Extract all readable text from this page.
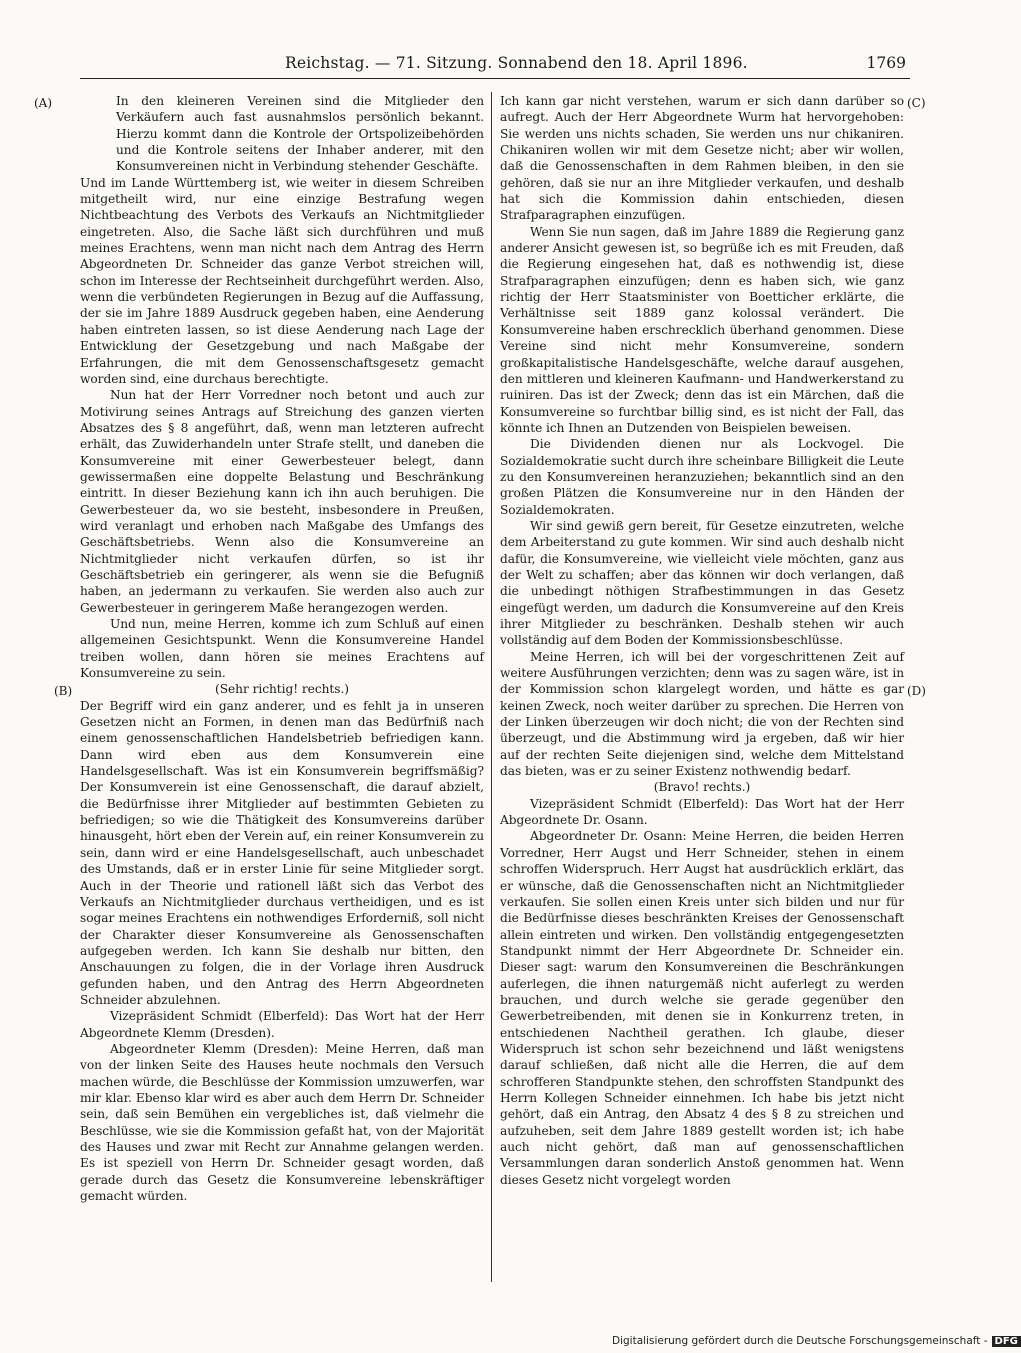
Reichstag. — 71. Sitzung. Sonnabend den 18. April 1896.	1769
(A)
(B)
(C)
(D)

In den kleineren Vereinen sind die Mitglieder den Verkäufern auch fast ausnahmslos persönlich bekannt. Hierzu kommt dann die Kontrole der Ortspolizeibehörden und die Kontrole seitens der Inhaber anderer, mit den Konsumvereinen nicht in Verbindung stehender Geschäfte.

Und im Lande Württemberg ist, wie weiter in diesem Schreiben mitgetheilt wird, nur eine einzige Bestrafung wegen Nichtbeachtung des Verbots des Verkaufs an Nichtmitglieder eingetreten. Also, die Sache läßt sich durchführen und muß meines Erachtens, wenn man nicht nach dem Antrag des Herrn Abgeordneten Dr. Schneider das ganze Verbot streichen will, schon im Interesse der Rechtseinheit durchgeführt werden. Also, wenn die verbündeten Regierungen in Bezug auf die Auffassung, der sie im Jahre 1889 Ausdruck gegeben haben, eine Aenderung haben eintreten lassen, so ist diese Aenderung nach Lage der Entwicklung der Gesetzgebung und nach Maßgabe der Erfahrungen, die mit dem Genossenschaftsgesetz gemacht worden sind, eine durchaus berechtigte.

Nun hat der Herr Vorredner noch betont und auch zur Motivirung seines Antrags auf Streichung des ganzen vierten Absatzes des § 8 angeführt, daß, wenn man letzteren aufrecht erhält, das Zuwiderhandeln unter Strafe stellt, und daneben die Konsumvereine mit einer Gewerbesteuer belegt, dann gewissermaßen eine doppelte Belastung und Beschränkung eintritt. In dieser Beziehung kann ich ihn auch beruhigen. Die Gewerbesteuer da, wo sie besteht, insbesondere in Preußen, wird veranlagt und erhoben nach Maßgabe des Umfangs des Geschäftsbetriebs. Wenn also die Konsumvereine an Nichtmitglieder nicht verkaufen dürfen, so ist ihr Geschäftsbetrieb ein geringerer, als wenn sie die Befugniß haben, an jedermann zu verkaufen. Sie werden also auch zur Gewerbesteuer in geringerem Maße herangezogen werden.

Und nun, meine Herren, komme ich zum Schluß auf einen allgemeinen Gesichtspunkt. Wenn die Konsumvereine Handel treiben wollen, dann hören sie meines Erachtens auf Konsumvereine zu sein.

(Sehr richtig! rechts.)

Der Begriff wird ein ganz anderer, und es fehlt ja in unseren Gesetzen nicht an Formen, in denen man das Bedürfniß nach einem genossenschaftlichen Handelsbetrieb befriedigen kann. Dann wird eben aus dem Konsumverein eine Handelsgesellschaft. Was ist ein Konsumverein begriffsmäßig? Der Konsumverein ist eine Genossenschaft, die darauf abzielt, die Bedürfnisse ihrer Mitglieder auf bestimmten Gebieten zu befriedigen; so wie die Thätigkeit des Konsumvereins darüber hinausgeht, hört eben der Verein auf, ein reiner Konsumverein zu sein, dann wird er eine Handelsgesellschaft, auch unbeschadet des Umstands, daß er in erster Linie für seine Mitglieder sorgt. Auch in der Theorie und rationell läßt sich das Verbot des Verkaufs an Nichtmitglieder durchaus vertheidigen, und es ist sogar meines Erachtens ein nothwendiges Erforderniß, soll nicht der Charakter dieser Konsumvereine als Genossenschaften aufgegeben werden. Ich kann Sie deshalb nur bitten, den Anschauungen zu folgen, die in der Vorlage ihren Ausdruck gefunden haben, und den Antrag des Herrn Abgeordneten Schneider abzulehnen.

Vizepräsident Schmidt (Elberfeld): Das Wort hat der Herr Abgeordnete Klemm (Dresden).

Abgeordneter Klemm (Dresden): Meine Herren, daß man von der linken Seite des Hauses heute nochmals den Versuch machen würde, die Beschlüsse der Kommission umzuwerfen, war mir klar. Ebenso klar wird es aber auch dem Herrn Dr. Schneider sein, daß sein Bemühen ein vergebliches ist, daß vielmehr die Beschlüsse, wie sie die Kommission gefaßt hat, von der Majorität des Hauses und zwar mit Recht zur Annahme gelangen werden. Es ist speziell von Herrn Dr. Schneider gesagt worden, daß gerade durch das Gesetz die Konsumvereine lebenskräftiger gemacht würden.

Ich kann gar nicht verstehen, warum er sich dann darüber so aufregt. Auch der Herr Abgeordnete Wurm hat hervorgehoben: Sie werden uns nichts schaden, Sie werden uns nur chikaniren. Chikaniren wollen wir mit dem Gesetze nicht; aber wir wollen, daß die Genossenschaften in dem Rahmen bleiben, in den sie gehören, daß sie nur an ihre Mitglieder verkaufen, und deshalb hat sich die Kommission dahin entschieden, diesen Strafparagraphen einzufügen.

Wenn Sie nun sagen, daß im Jahre 1889 die Regierung ganz anderer Ansicht gewesen ist, so begrüße ich es mit Freuden, daß die Regierung eingesehen hat, daß es nothwendig ist, diese Strafparagraphen einzufügen; denn es haben sich, wie ganz richtig der Herr Staatsminister von Boetticher erklärte, die Verhältnisse seit 1889 ganz kolossal verändert. Die Konsumvereine haben erschrecklich überhand genommen. Diese Vereine sind nicht mehr Konsumvereine, sondern großkapitalistische Handelsgeschäfte, welche darauf ausgehen, den mittleren und kleineren Kaufmann- und Handwerkerstand zu ruiniren. Das ist der Zweck; denn das ist ein Märchen, daß die Konsumvereine so furchtbar billig sind, es ist nicht der Fall, das könnte ich Ihnen an Dutzenden von Beispielen beweisen.

Die Dividenden dienen nur als Lockvogel. Die Sozialdemokratie sucht durch ihre scheinbare Billigkeit die Leute zu den Konsumvereinen heranzuziehen; bekanntlich sind an den großen Plätzen die Konsumvereine nur in den Händen der Sozialdemokraten.

Wir sind gewiß gern bereit, für Gesetze einzutreten, welche dem Arbeiterstand zu gute kommen. Wir sind auch deshalb nicht dafür, die Konsumvereine, wie vielleicht viele möchten, ganz aus der Welt zu schaffen; aber das können wir doch verlangen, daß die unbedingt nöthigen Strafbestimmungen in das Gesetz eingefügt werden, um dadurch die Konsumvereine auf den Kreis ihrer Mitglieder zu beschränken. Deshalb stehen wir auch vollständig auf dem Boden der Kommissionsbeschlüsse.

Meine Herren, ich will bei der vorgeschrittenen Zeit auf weitere Ausführungen verzichten; denn was zu sagen wäre, ist in der Kommission schon klargelegt worden, und hätte es gar keinen Zweck, noch weiter darüber zu sprechen. Die Herren von der Linken überzeugen wir doch nicht; die von der Rechten sind überzeugt, und die Abstimmung wird ja ergeben, daß wir hier auf der rechten Seite diejenigen sind, welche dem Mittelstand das bieten, was er zu seiner Existenz nothwendig bedarf.

(Bravo! rechts.)

Vizepräsident Schmidt (Elberfeld): Das Wort hat der Herr Abgeordnete Dr. Osann.

Abgeordneter Dr. Osann: Meine Herren, die beiden Herren Vorredner, Herr Augst und Herr Schneider, stehen in einem schroffen Widerspruch. Herr Augst hat ausdrücklich erklärt, das er wünsche, daß die Genossenschaften nicht an Nichtmitglieder verkaufen. Sie sollen einen Kreis unter sich bilden und nur für die Bedürfnisse dieses beschränkten Kreises der Genossenschaft allein eintreten und wirken. Den vollständig entgegengesetzten Standpunkt nimmt der Herr Abgeordnete Dr. Schneider ein. Dieser sagt: warum den Konsumvereinen die Beschränkungen auferlegen, die ihnen naturgemäß nicht auferlegt zu werden brauchen, und durch welche sie gerade gegenüber den Gewerbetreibenden, mit denen sie in Konkurrenz treten, in entschiedenen Nachtheil gerathen. Ich glaube, dieser Widerspruch ist schon sehr bezeichnend und läßt wenigstens darauf schließen, daß nicht alle die Herren, die auf dem schrofferen Standpunkte stehen, den schroffsten Standpunkt des Herrn Kollegen Schneider einnehmen. Ich habe bis jetzt nicht gehört, daß ein Antrag, den Absatz 4 des § 8 zu streichen und aufzuheben, seit dem Jahre 1889 gestellt worden ist; ich habe auch nicht gehört, daß man auf genossenschaftlichen Versammlungen daran sonderlich Anstoß genommen hat. Wenn dieses Gesetz nicht vorgelegt worden

Digitalisierung gefördert durch die Deutsche Forschungsgemeinschaft - DFG
